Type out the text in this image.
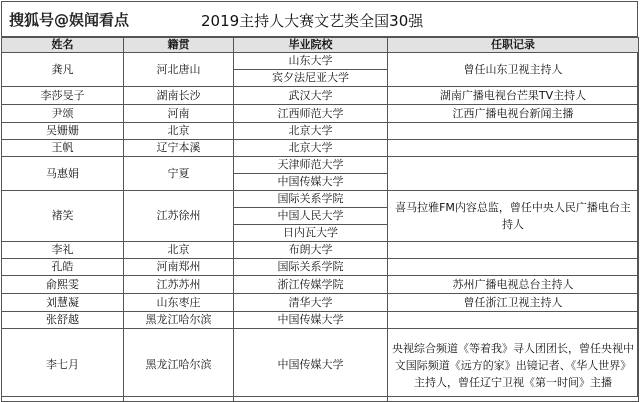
搜狐号@娱闻看点	2019主持人大赛文艺类全国30强
姓名	籍贯	毕业院校	任职记录
龚凡	河北唐山	山东大学	曾任山东卫视主持人
		宾夕法尼亚大学	
李莎旻子	湖南长沙	武汉大学	湖南广播电视台芒果TV主持人
尹颂	河南	江西师范大学	江西广播电视台新闻主播
吴姗姗	北京	北京大学	
王帆	辽宁本溪	北京大学	
马惠娟	宁夏	天津师范大学	
		中国传媒大学	
褚笑	江苏徐州	国际关系学院	喜马拉雅FM内容总监，曾任中央人民广播电台主持人
		中国人民大学	
		日内瓦大学	
李礼	北京	布朗大学	
孔皓	河南郑州	国际关系学院	
俞熙雯	江苏苏州	浙江传媒学院	苏州广播电视总台主持人
刘慧凝	山东枣庄	清华大学	曾任浙江卫视主持人
张舒越	黑龙江哈尔滨	中国传媒大学	
李七月	黑龙江哈尔滨	中国传媒大学	央视综合频道《等着我》寻人团团长，曾任央视中文国际频道《远方的家》出镜记者、《华人世界》主持人，曾任辽宁卫视《第一时间》主播
